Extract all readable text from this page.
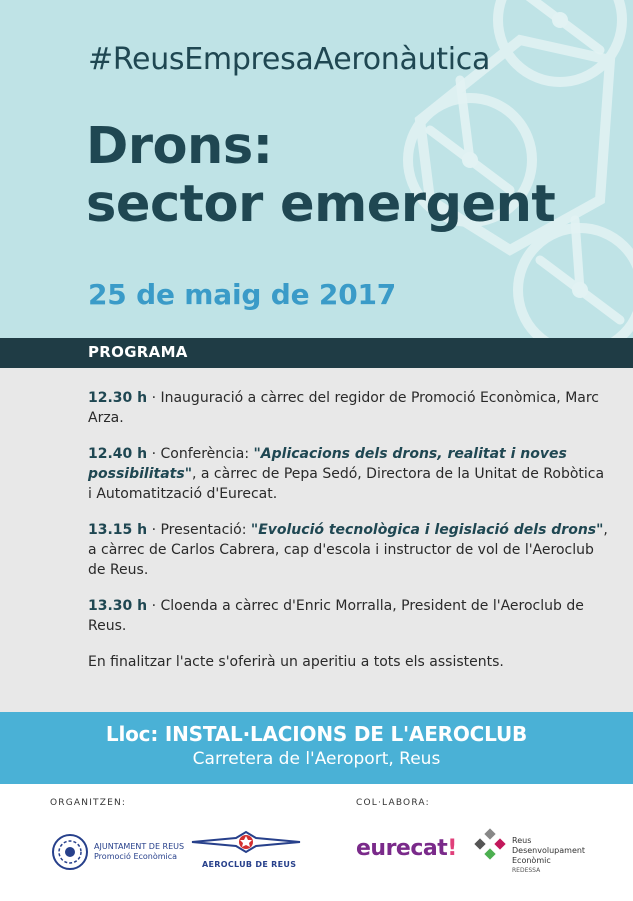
#ReusEmpresaAeronàutica
Drons:
sector emergent
25 de maig de 2017
PROGRAMA
12.30 h · Inauguració a càrrec del regidor de Promoció Econòmica, Marc Arza.
12.40 h · Conferència: "Aplicacions dels drons, realitat i noves possibilitats", a càrrec de Pepa Sedó, Directora de la Unitat de Robòtica i Automatització d'Eurecat.
13.15 h · Presentació: "Evolució tecnològica i legislació dels drons", a càrrec de Carlos Cabrera, cap d'escola i instructor de vol de l'Aeroclub de Reus.
13.30 h · Cloenda a càrrec d'Enric Morralla, President de l'Aeroclub de Reus.
En finalitzar l'acte s'oferirà un aperitiu a tots els assistents.
Lloc: INSTAL·LACIONS DE L'AEROCLUB
Carretera de l'Aeroport, Reus
ORGANITZEN:	COL·LABORA:
AJUNTAMENT DE REUS
Promoció Econòmica
AEROCLUB DE REUS
eurecat!	Reus
Desenvolupament
Econòmic
REDESSA
